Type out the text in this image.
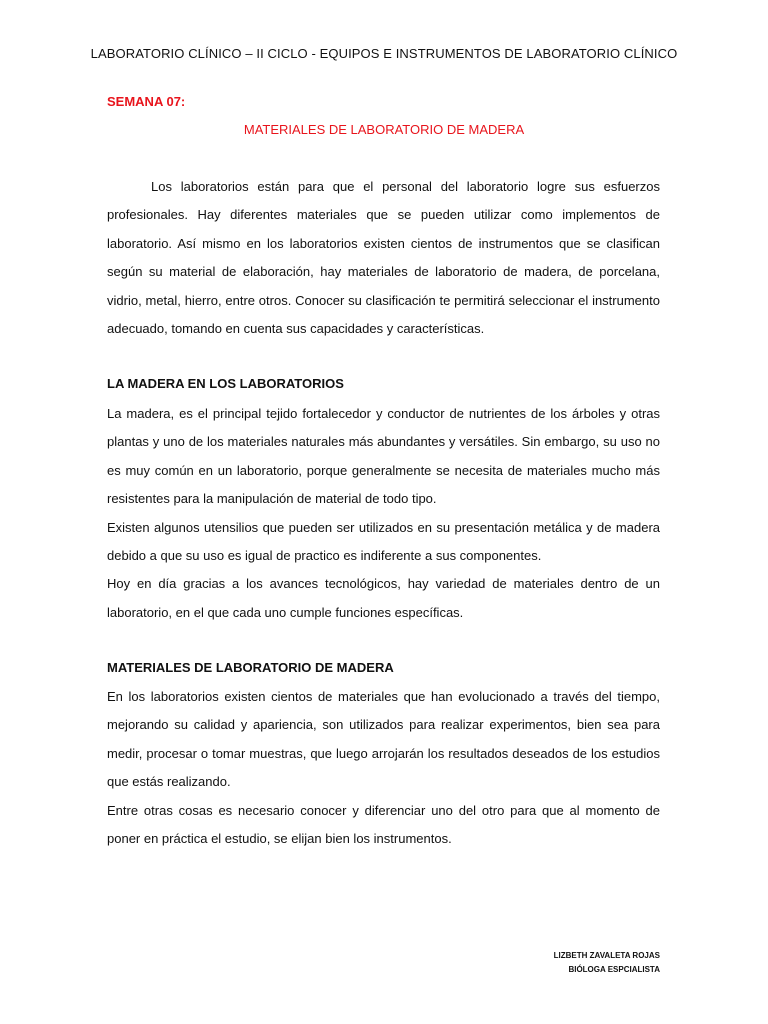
LABORATORIO CLÍNICO – II CICLO - EQUIPOS E INSTRUMENTOS DE LABORATORIO CLÍNICO
SEMANA 07:
MATERIALES DE LABORATORIO DE MADERA

Los laboratorios están para que el personal del laboratorio logre sus esfuerzos profesionales. Hay diferentes materiales que se pueden utilizar como implementos de laboratorio. Así mismo en los laboratorios existen cientos de instrumentos que se clasifican según su material de elaboración, hay materiales de laboratorio de madera, de porcelana, vidrio, metal, hierro, entre otros. Conocer su clasificación te permitirá seleccionar el instrumento adecuado, tomando en cuenta sus capacidades y características.

LA MADERA EN LOS LABORATORIOS

La madera, es el principal tejido fortalecedor y conductor de nutrientes de los árboles y otras plantas y uno de los materiales naturales más abundantes y versátiles. Sin embargo, su uso no es muy común en un laboratorio, porque generalmente se necesita de materiales mucho más resistentes para la manipulación de material de todo tipo.

Existen algunos utensilios que pueden ser utilizados en su presentación metálica y de madera debido a que su uso es igual de practico es indiferente a sus componentes.

Hoy en día gracias a los avances tecnológicos, hay variedad de materiales dentro de un laboratorio, en el que cada uno cumple funciones específicas.

MATERIALES DE LABORATORIO DE MADERA

En los laboratorios existen cientos de materiales que han evolucionado a través del tiempo, mejorando su calidad y apariencia, son utilizados para realizar experimentos, bien sea para medir, procesar o tomar muestras, que luego arrojarán los resultados deseados de los estudios que estás realizando.

Entre otras cosas es necesario conocer y diferenciar uno del otro para que al momento de poner en práctica el estudio, se elijan bien los instrumentos.

LIZBETH ZAVALETA ROJAS
BIÓLOGA ESPCIALISTA
